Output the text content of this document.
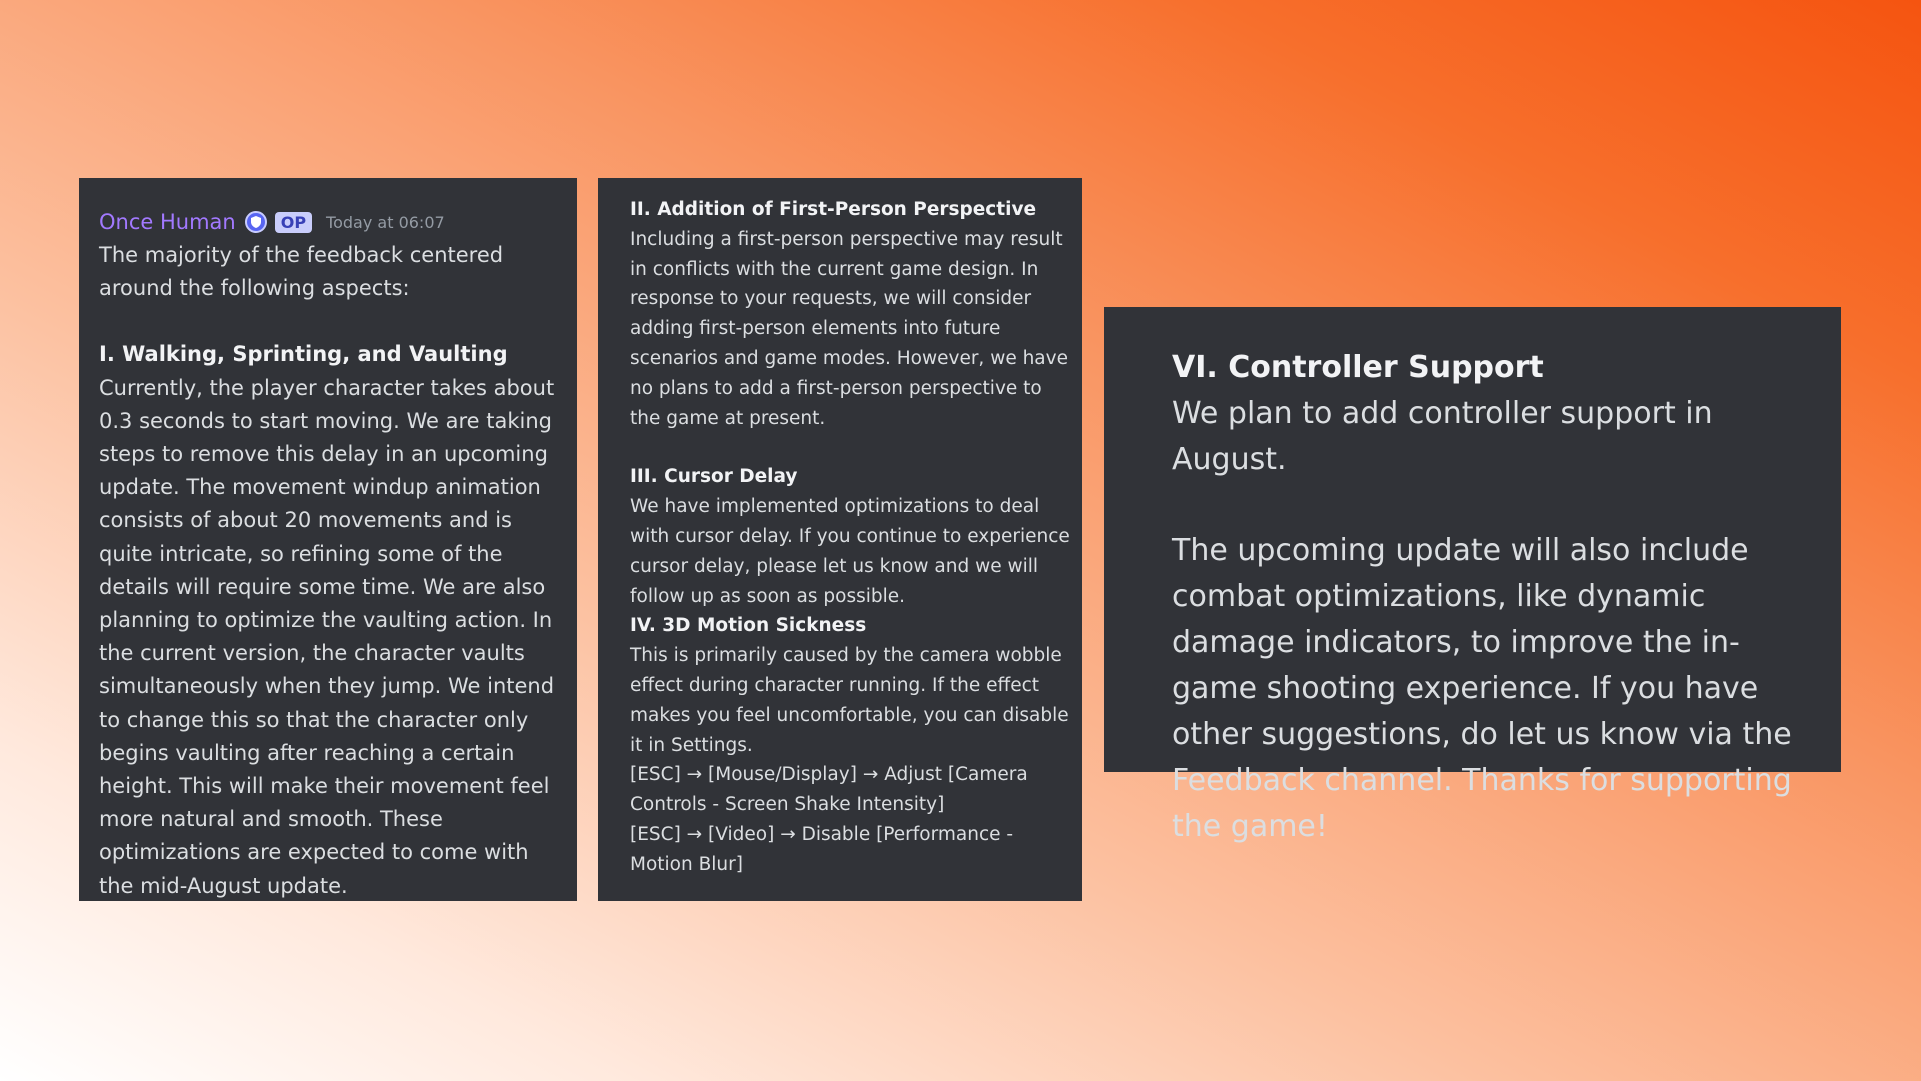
Once Human	OP	Today at 06:07

The majority of the feedback centered around the following aspects:

I. Walking, Sprinting, and Vaulting

Currently, the player character takes about 0.3 seconds to start moving. We are taking steps to remove this delay in an upcoming update. The movement windup animation consists of about 20 movements and is quite intricate, so refining some of the details will require some time. We are also planning to optimize the vaulting action. In the current version, the character vaults simultaneously when they jump. We intend to change this so that the character only begins vaulting after reaching a certain height. This will make their movement feel more natural and smooth. These optimizations are expected to come with the mid-August update.

II. Addition of First-Person Perspective

Including a first-person perspective may result in conflicts with the current game design. In response to your requests, we will consider adding first-person elements into future scenarios and game modes. However, we have no plans to add a first-person perspective to the game at present.

III. Cursor Delay

We have implemented optimizations to deal with cursor delay. If you continue to experience cursor delay, please let us know and we will follow up as soon as possible.

IV. 3D Motion Sickness

This is primarily caused by the camera wobble effect during character running. If the effect makes you feel uncomfortable, you can disable it in Settings.

[ESC] → [Mouse/Display] → Adjust [Camera Controls - Screen Shake Intensity]

[ESC] → [Video] → Disable [Performance - Motion Blur]

VI. Controller Support

We plan to add controller support in August.

The upcoming update will also include combat optimizations, like dynamic damage indicators, to improve the in-game shooting experience. If you have other suggestions, do let us know via the Feedback channel. Thanks for supporting the game!
